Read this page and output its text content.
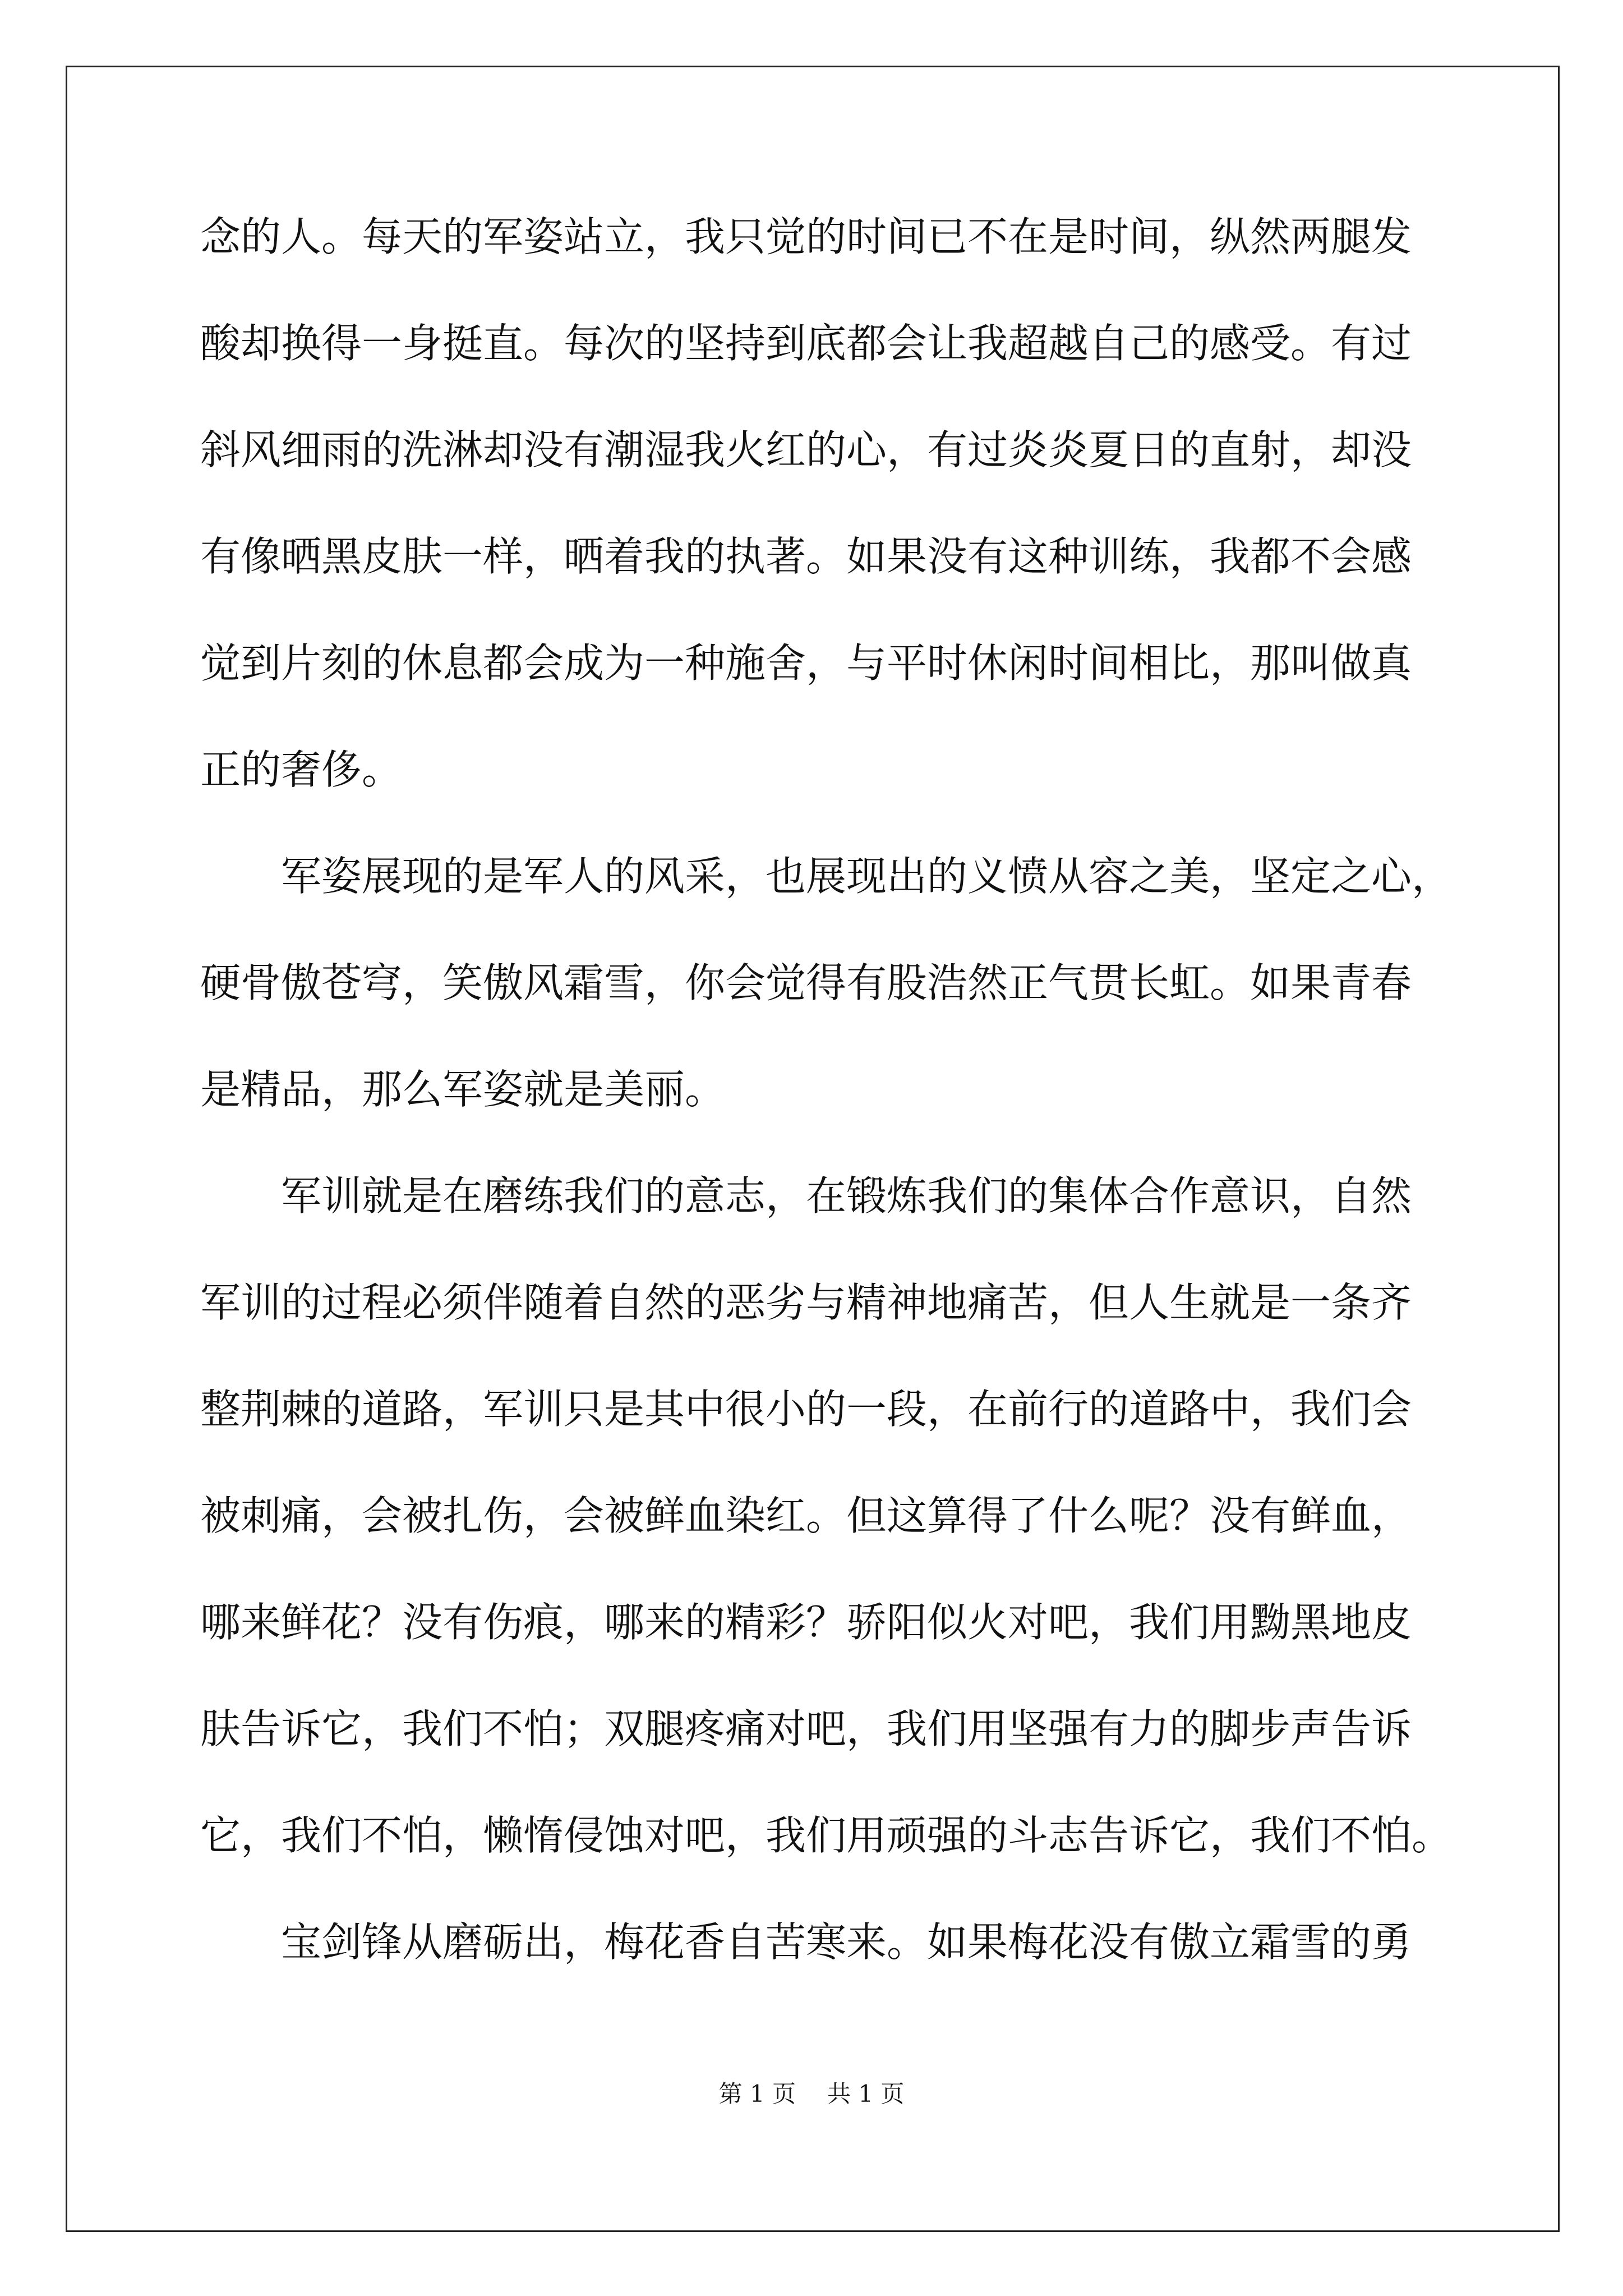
念的人。每天的军姿站立，我只觉的时间已不在是时间，纵然两腿发
酸却换得一身挺直。每次的坚持到底都会让我超越自己的感受。有过
斜风细雨的洗淋却没有潮湿我火红的心，有过炎炎夏日的直射，却没
有像晒黑皮肤一样，晒着我的执著。如果没有这种训练，我都不会感
觉到片刻的休息都会成为一种施舍，与平时休闲时间相比，那叫做真
正的奢侈。
　　军姿展现的是军人的风采，也展现出的义愤从容之美，坚定之心，
硬骨傲苍穹，笑傲风霜雪，你会觉得有股浩然正气贯长虹。如果青春
是精品，那么军姿就是美丽。
　　军训就是在磨练我们的意志，在锻炼我们的集体合作意识，自然
军训的过程必须伴随着自然的恶劣与精神地痛苦，但人生就是一条齐
整荆棘的道路，军训只是其中很小的一段，在前行的道路中，我们会
被刺痛，会被扎伤，会被鲜血染红。但这算得了什么呢？没有鲜血，
哪来鲜花？没有伤痕，哪来的精彩？骄阳似火对吧，我们用黝黑地皮
肤告诉它，我们不怕；双腿疼痛对吧，我们用坚强有力的脚步声告诉
它，我们不怕，懒惰侵蚀对吧，我们用顽强的斗志告诉它，我们不怕。
　　宝剑锋从磨砺出，梅花香自苦寒来。如果梅花没有傲立霜雪的勇
第 1 页 共 1 页
